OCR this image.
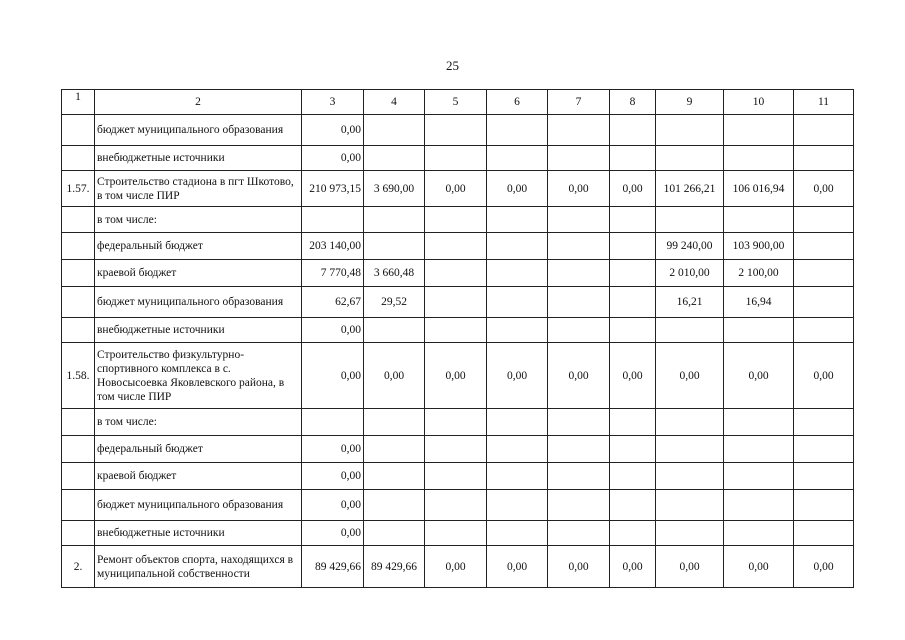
25
1	2	3	4	5	6	7	8	9	10	11
	бюджет муниципального образования	0,00								
	внебюджетные источники	0,00								
1.57.	Строительство стадиона в пгт Шкотово, в том числе ПИР	210 973,15	3 690,00	0,00	0,00	0,00	0,00	101 266,21	106 016,94	0,00
	в том числе:									
	федеральный бюджет	203 140,00						99 240,00	103 900,00	
	краевой бюджет	7 770,48	3 660,48					2 010,00	2 100,00	
	бюджет муниципального образования	62,67	29,52					16,21	16,94	
	внебюджетные источники	0,00								
1.58.	Строительство физкультурно-спортивного комплекса в с. Новосысоевка Яковлевского района, в том числе ПИР	0,00	0,00	0,00	0,00	0,00	0,00	0,00	0,00	0,00
	в том числе:									
	федеральный бюджет	0,00								
	краевой бюджет	0,00								
	бюджет муниципального образования	0,00								
	внебюджетные источники	0,00								
2.	Ремонт объектов спорта, находящихся в муниципальной собственности	89 429,66	89 429,66	0,00	0,00	0,00	0,00	0,00	0,00	0,00
